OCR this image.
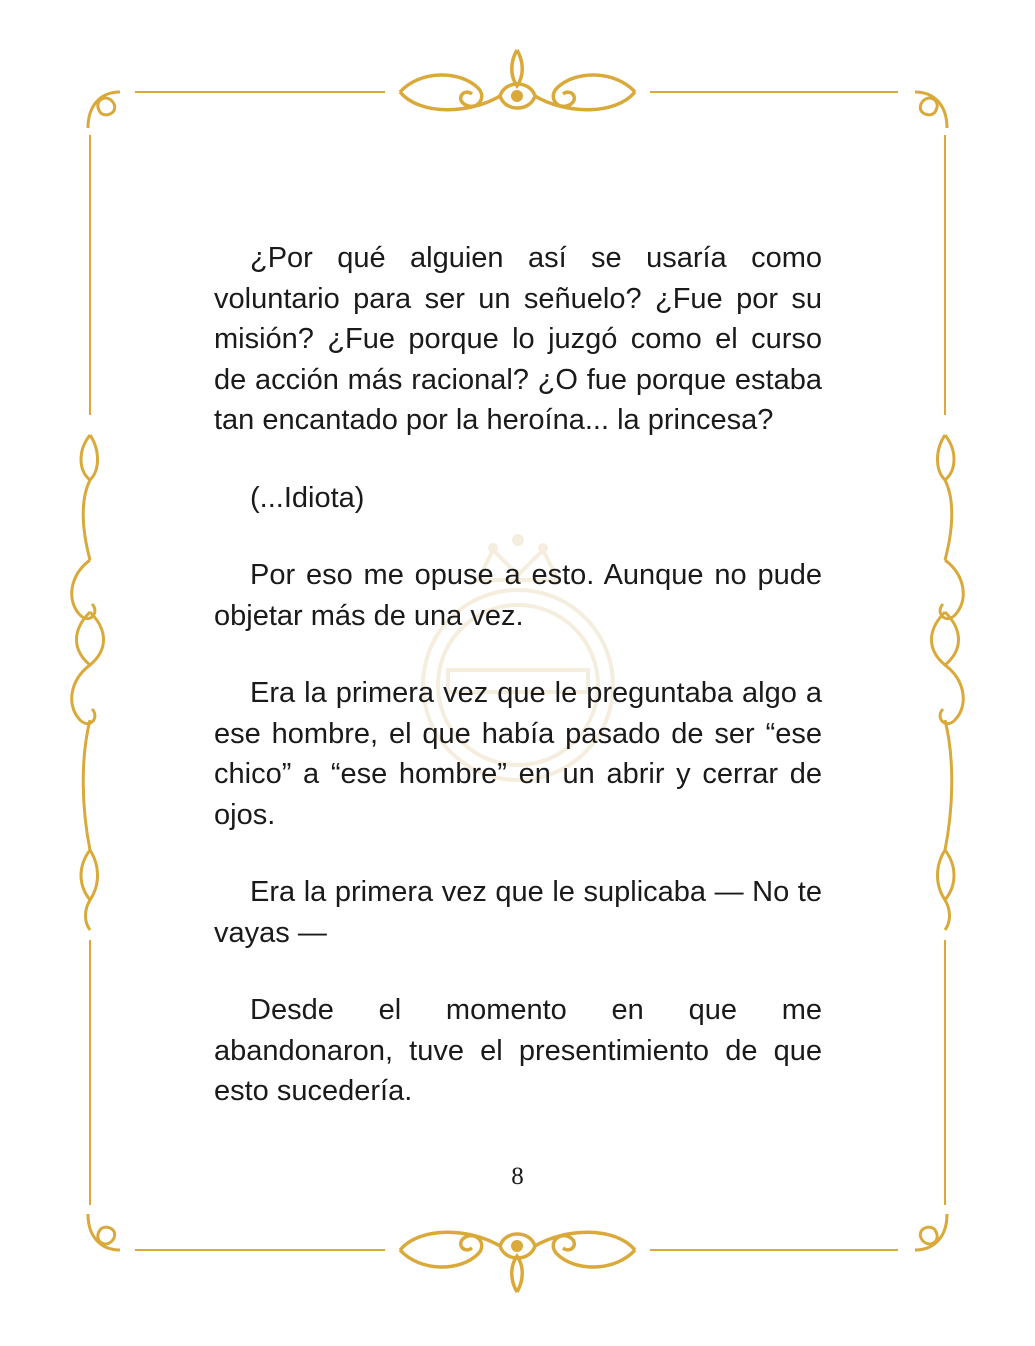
¿Por qué alguien así se usaría como voluntario para ser un señuelo? ¿Fue por su misión? ¿Fue porque lo juzgó como el curso de acción más racional? ¿O fue porque estaba tan encantado por la heroína... la princesa?

(...Idiota)

Por eso me opuse a esto. Aunque no pude objetar más de una vez.

Era la primera vez que le preguntaba algo a ese hombre, el que había pasado de ser “ese chico” a “ese hombre” en un abrir y cerrar de ojos.

Era la primera vez que le suplicaba — No te vayas —

Desde el momento en que me abandonaron, tuve el presentimiento de que esto sucedería.

8
